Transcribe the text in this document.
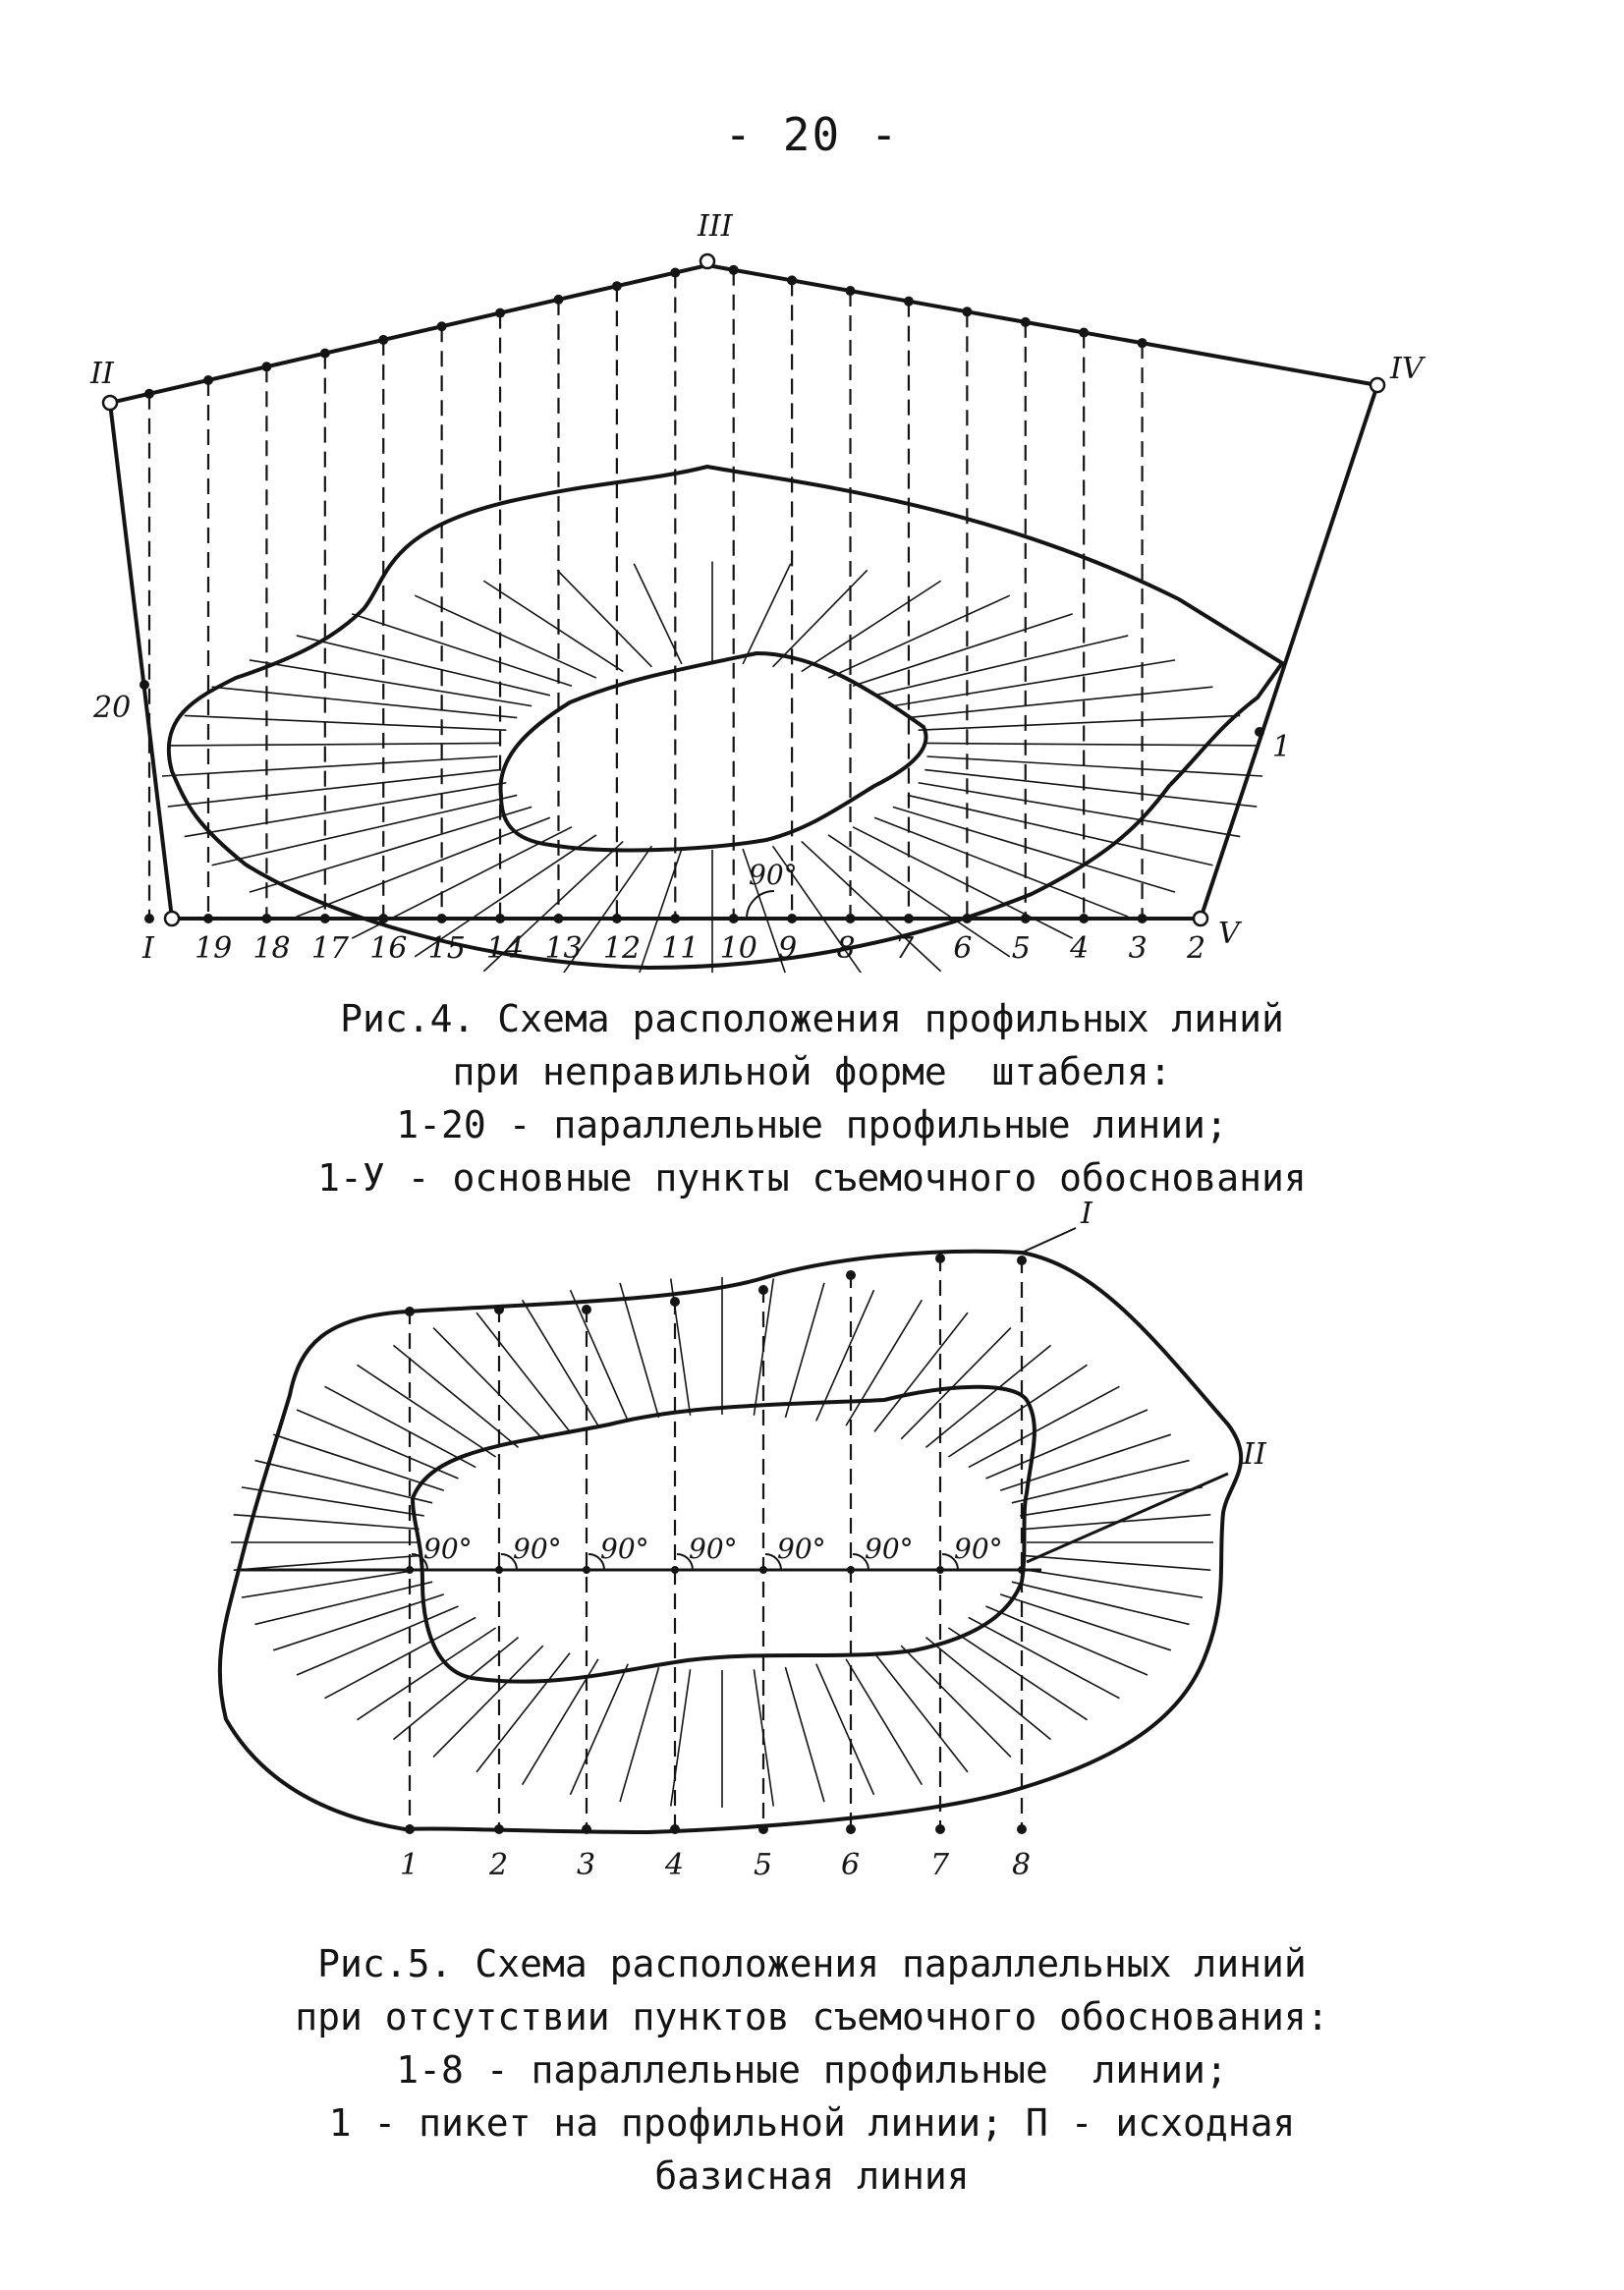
- 20 -
II
III
IV
I	V
20
1
90°
19 18 17 16 15 14 13 12 11 10 9 8 7 6 5 4 3 2
Рис.4. Схема расположения профильных линий
при неправильной форме  штабеля:
1-20 - параллельные профильные линии;
1-У - основные пункты съемочного обоснования
90° 90° 90° 90° 90° 90° 90°
I
II
1 2 3 4 5 6 7 8
Рис.5. Схема расположения параллельных линий
при отсутствии пунктов съемочного обоснования:
1-8 - параллельные профильные  линии;
1 - пикет на профильной линии; П - исходная
базисная линия
